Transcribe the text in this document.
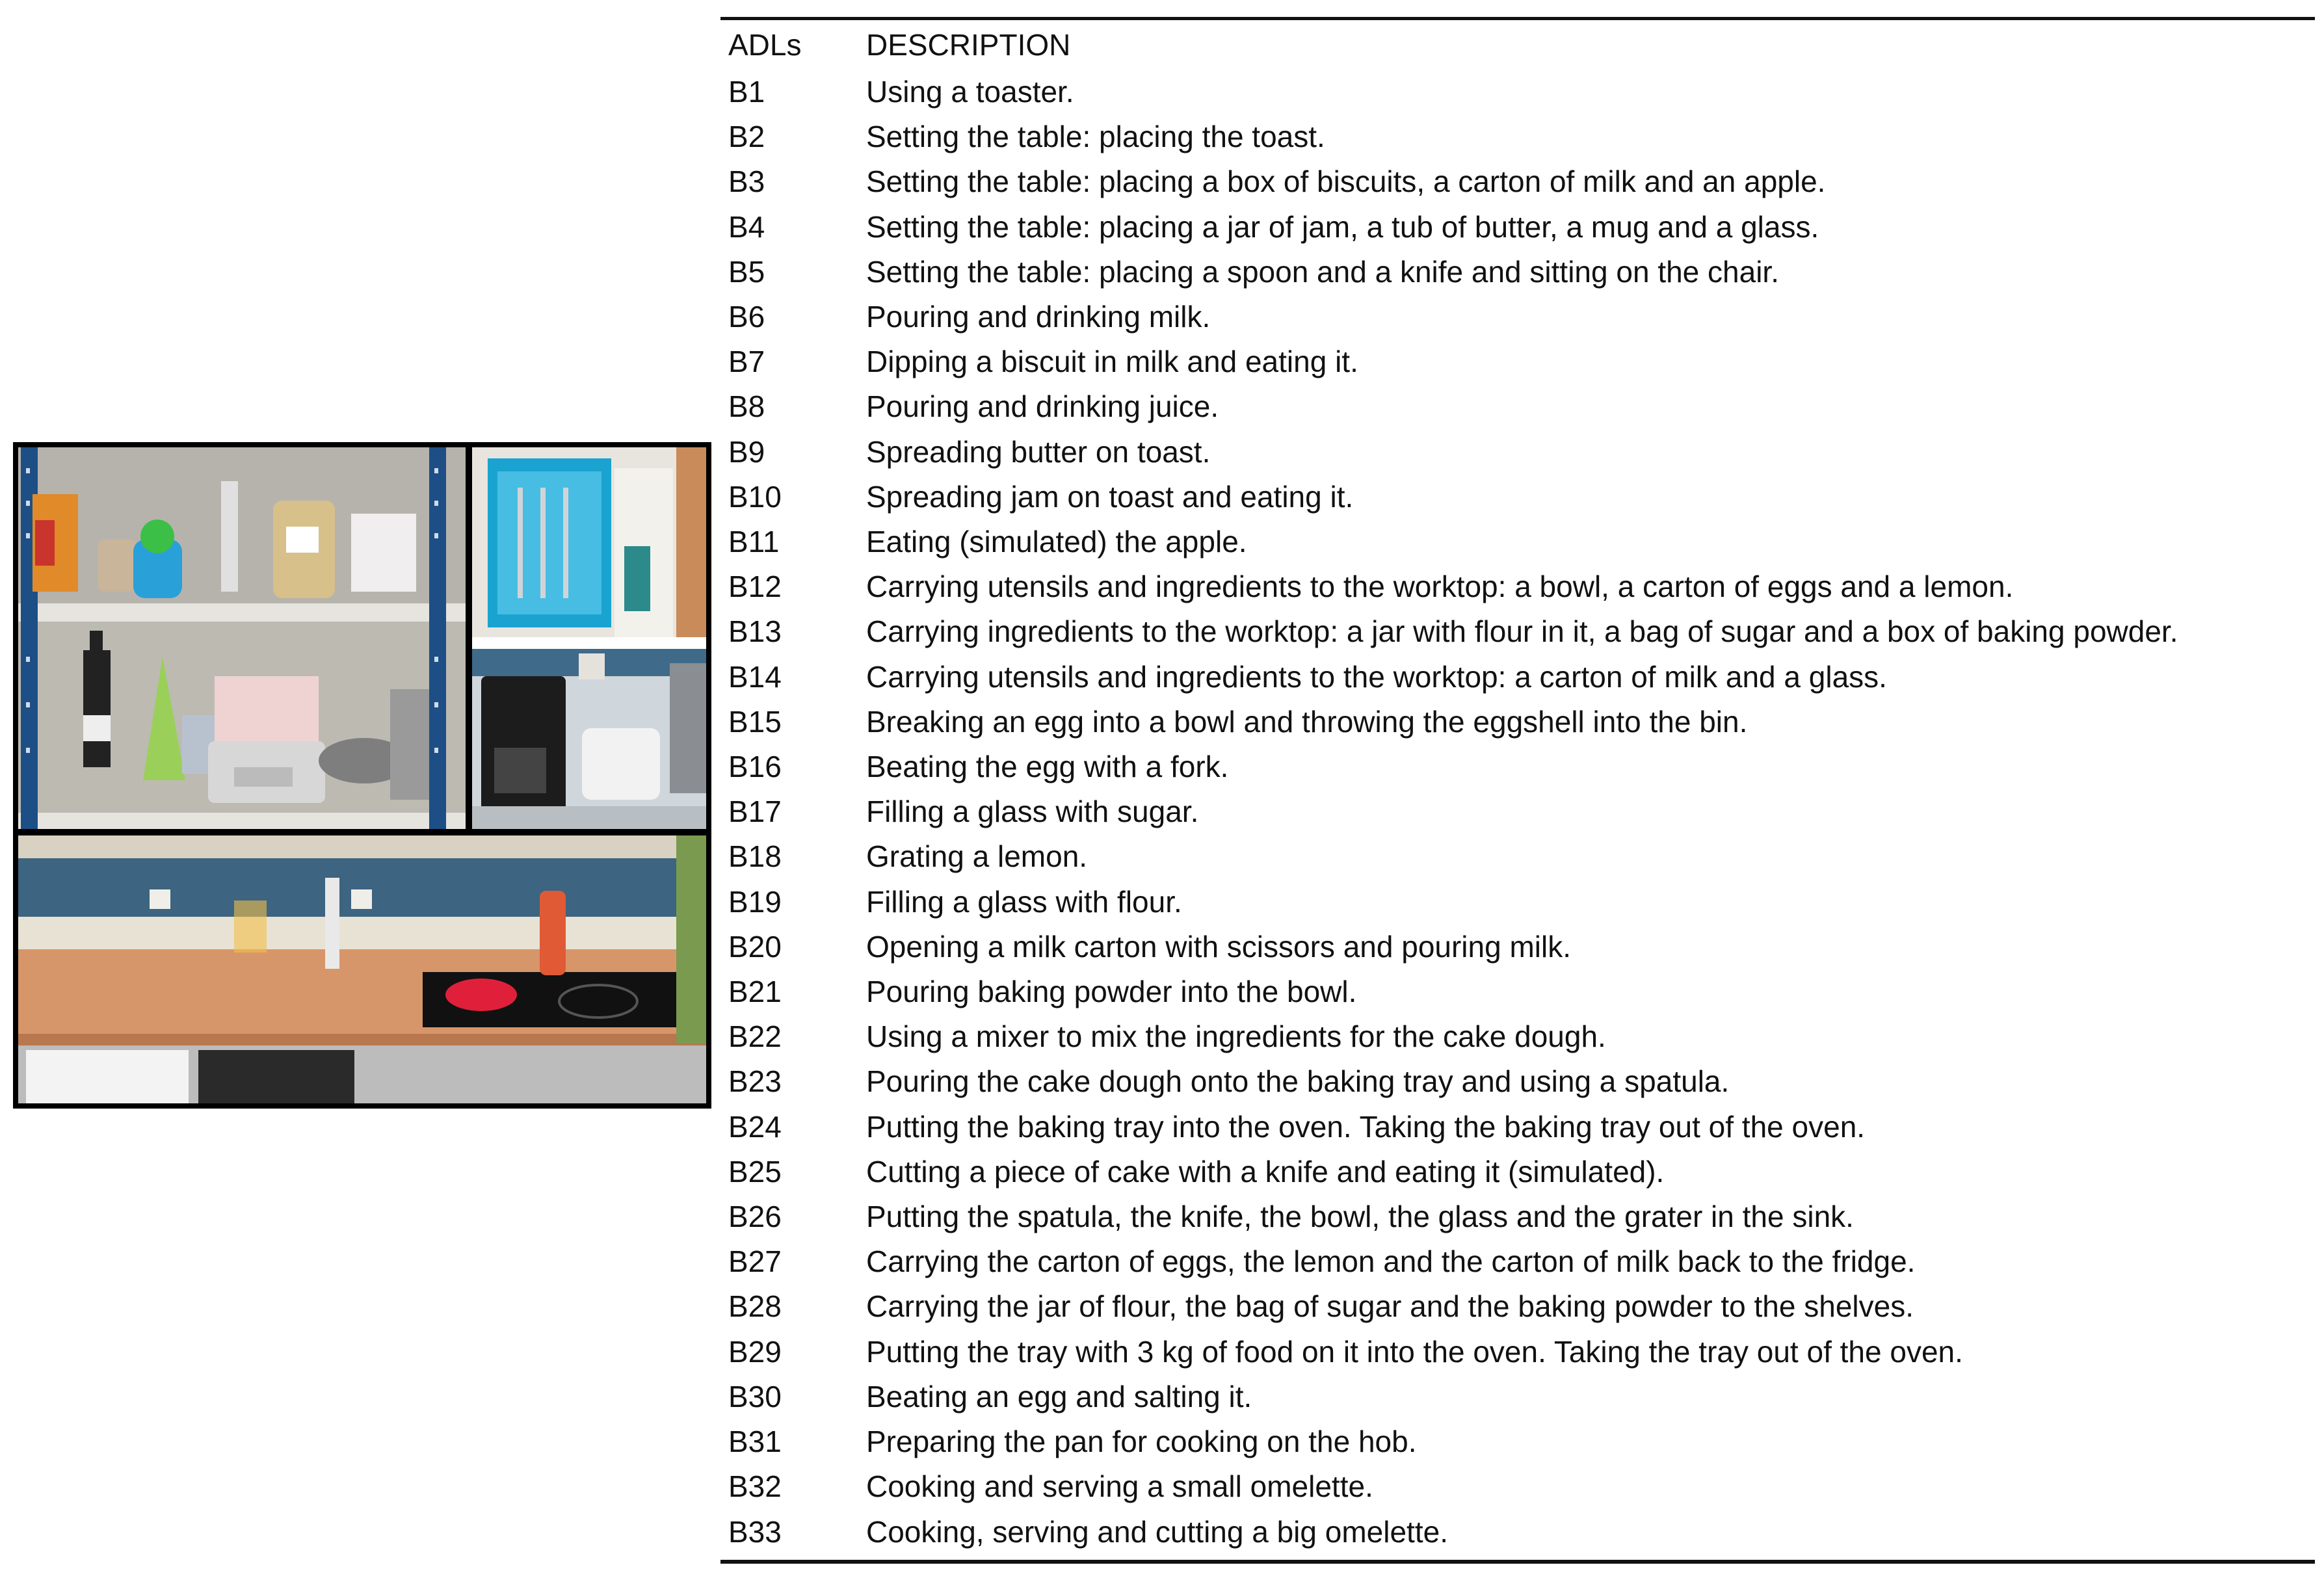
ADLs	DESCRIPTION
B1	Using a toaster.
B2	Setting the table: placing the toast.
B3	Setting the table: placing a box of biscuits, a carton of milk and an apple.
B4	Setting the table: placing a jar of jam, a tub of butter, a mug and a glass.
B5	Setting the table: placing a spoon and a knife and sitting on the chair.
B6	Pouring and drinking milk.
B7	Dipping a biscuit in milk and eating it.
B8	Pouring and drinking juice.
B9	Spreading butter on toast.
B10	Spreading jam on toast and eating it.
B11	Eating (simulated) the apple.
B12	Carrying utensils and ingredients to the worktop: a bowl, a carton of eggs and a lemon.
B13	Carrying ingredients to the worktop: a jar with flour in it, a bag of sugar and a box of baking powder.
B14	Carrying utensils and ingredients to the worktop: a carton of milk and a glass.
B15	Breaking an egg into a bowl and throwing the eggshell into the bin.
B16	Beating the egg with a fork.
B17	Filling a glass with sugar.
B18	Grating a lemon.
B19	Filling a glass with flour.
B20	Opening a milk carton with scissors and pouring milk.
B21	Pouring baking powder into the bowl.
B22	Using a mixer to mix the ingredients for the cake dough.
B23	Pouring the cake dough onto the baking tray and using a spatula.
B24	Putting the baking tray into the oven. Taking the baking tray out of the oven.
B25	Cutting a piece of cake with a knife and eating it (simulated).
B26	Putting the spatula, the knife, the bowl, the glass and the grater in the sink.
B27	Carrying the carton of eggs, the lemon and the carton of milk back to the fridge.
B28	Carrying the jar of flour, the bag of sugar and the baking powder to the shelves.
B29	Putting the tray with 3 kg of food on it into the oven. Taking the tray out of the oven.
B30	Beating an egg and salting it.
B31	Preparing the pan for cooking on the hob.
B32	Cooking and serving a small omelette.
B33	Cooking, serving and cutting a big omelette.
